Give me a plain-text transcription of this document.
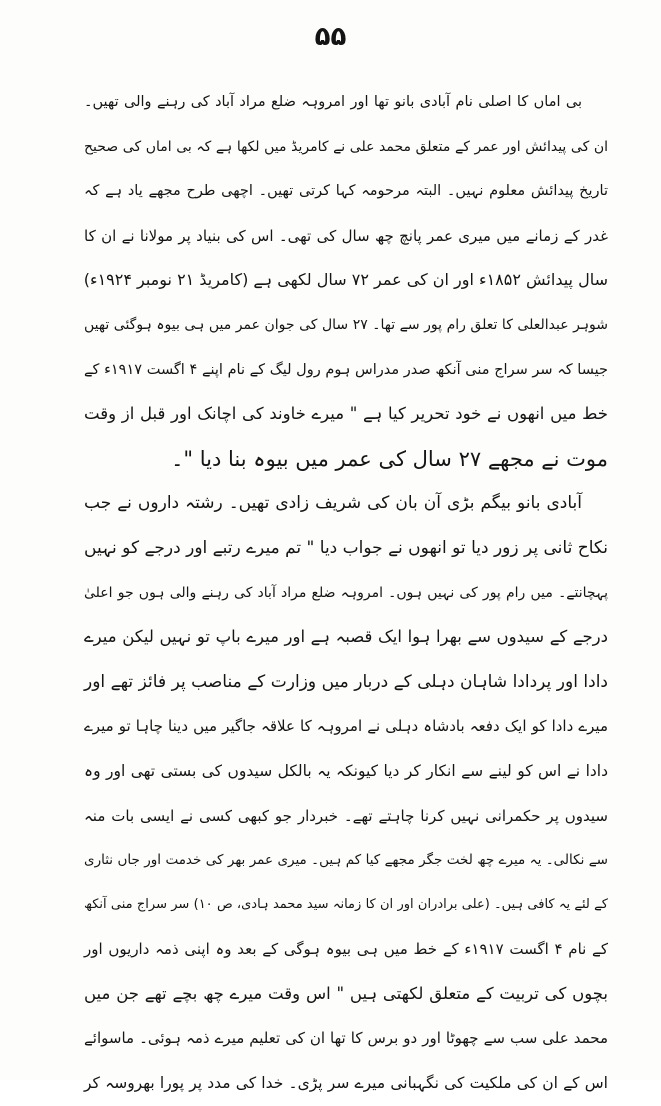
۵۵
بی اماں کا اصلی نام آبادی بانو تھا اور امروہہ ضلع مراد آباد کی رہنے والی تھیں۔
ان کی پیدائش اور عمر کے متعلق محمد علی نے کامریڈ میں لکھا ہے کہ بی اماں کی صحیح
تاریخ پیدائش معلوم نہیں۔ البتہ مرحومہ کہا کرتی تھیں۔ اچھی طرح مجھے یاد ہے کہ
غدر کے زمانے میں میری عمر پانچ چھ سال کی تھی۔ اس کی بنیاد پر مولانا نے ان کا
سال پیدائش ۱۸۵۲ء اور ان کی عمر ۷۲ سال لکھی ہے (کامریڈ ۲۱ نومبر ۱۹۲۴ء)
شوہر عبدالعلی کا تعلق رام پور سے تھا۔ ۲۷ سال کی جوان عمر میں ہی بیوہ ہوگئی تھیں
جیسا کہ سر سراج منی آنکھ صدر مدراس ہوم رول لیگ کے نام اپنے ۴ اگست ۱۹۱۷ء کے
خط میں انھوں نے خود تحریر کیا ہے " میرے خاوند کی اچانک اور قبل از وقت
موت نے مجھے ۲۷ سال کی عمر میں بیوہ بنا دیا "۔
آبادی بانو بیگم بڑی آن بان کی شریف زادی تھیں۔ رشتہ داروں نے جب
نکاح ثانی پر زور دیا تو انھوں نے جواب دیا " تم میرے رتبے اور درجے کو نہیں
پہچانتے۔ میں رام پور کی نہیں ہوں۔ امروہہ ضلع مراد آباد کی رہنے والی ہوں جو اعلیٰ
درجے کے سیدوں سے بھرا ہوا ایک قصبہ ہے اور میرے باپ تو نہیں لیکن میرے
دادا اور پردادا شاہان دہلی کے دربار میں وزارت کے مناصب پر فائز تھے اور
میرے دادا کو ایک دفعہ بادشاہ دہلی نے امروہہ کا علاقہ جاگیر میں دینا چاہا تو میرے
دادا نے اس کو لینے سے انکار کر دیا کیونکہ یہ بالکل سیدوں کی بستی تھی اور وہ
سیدوں پر حکمرانی نہیں کرنا چاہتے تھے۔ خبردار جو کبھی کسی نے ایسی بات منہ
سے نکالی۔ یہ میرے چھ لخت جگر مجھے کیا کم ہیں۔ میری عمر بھر کی خدمت اور جاں نثاری
کے لئے یہ کافی ہیں۔ (علی برادران اور ان کا زمانہ سید محمد ہادی، ص ۱۰) سر سراج منی آنکھ
کے نام ۴ اگست ۱۹۱۷ء کے خط میں ہی بیوہ ہوگی کے بعد وہ اپنی ذمہ داریوں اور
بچوں کی تربیت کے متعلق لکھتی ہیں " اس وقت میرے چھ بچے تھے جن میں
محمد علی سب سے چھوٹا اور دو برس کا تھا ان کی تعلیم میرے ذمہ ہوئی۔ ماسوائے
اس کے ان کی ملکیت کی نگہبانی میرے سر پڑی۔ خدا کی مدد پر پورا بھروسہ کر
